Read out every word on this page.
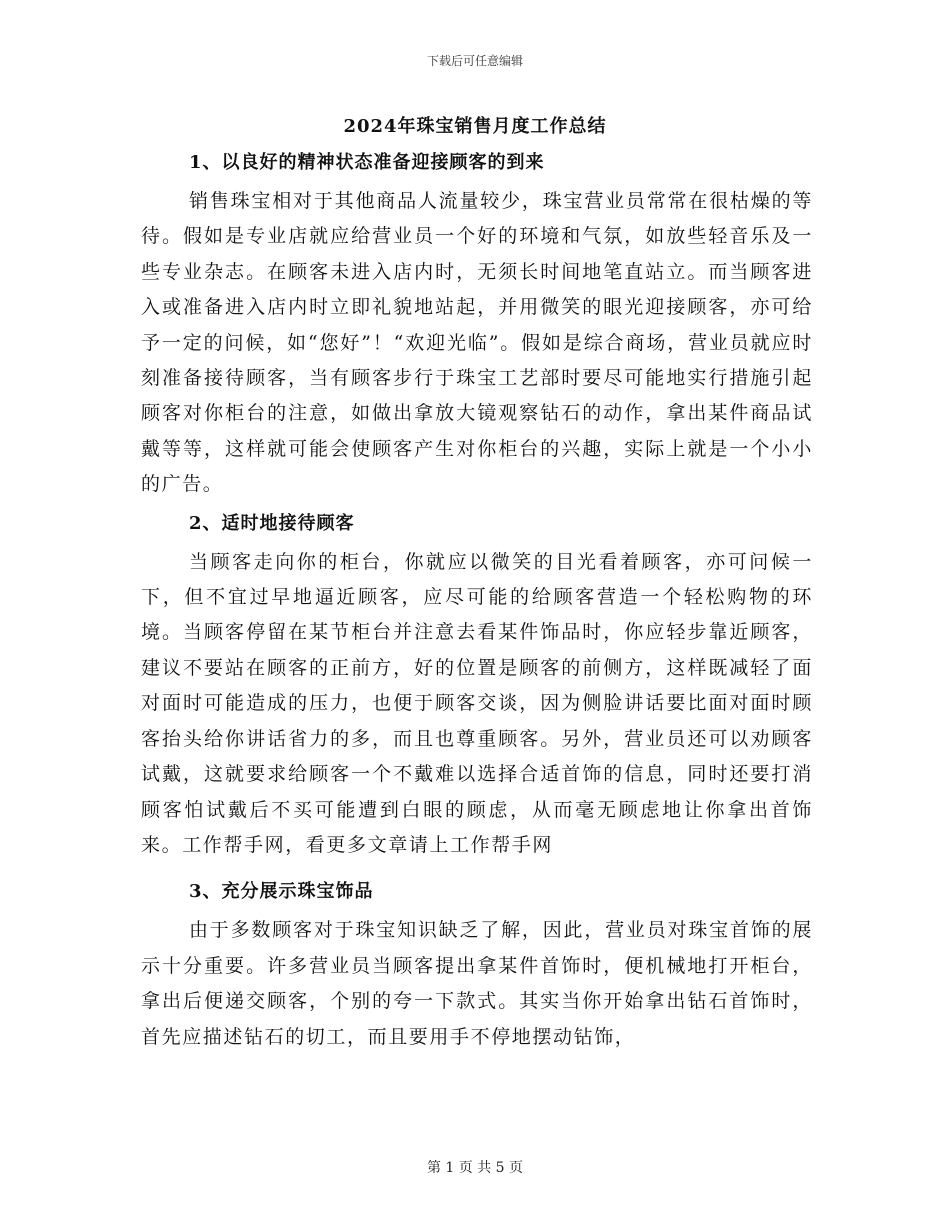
下载后可任意编辑
2024年珠宝销售月度工作总结

1、以良好的精神状态准备迎接顾客的到来

销售珠宝相对于其他商品人流量较少，珠宝营业员常常在很枯燥的等待。假如是专业店就应给营业员一个好的环境和气氛，如放些轻音乐及一些专业杂志。在顾客未进入店内时，无须长时间地笔直站立。而当顾客进入或准备进入店内时立即礼貌地站起，并用微笑的眼光迎接顾客，亦可给予一定的问候，如“您好”！“欢迎光临”。假如是综合商场，营业员就应时刻准备接待顾客，当有顾客步行于珠宝工艺部时要尽可能地实行措施引起顾客对你柜台的注意，如做出拿放大镜观察钻石的动作，拿出某件商品试戴等等，这样就可能会使顾客产生对你柜台的兴趣，实际上就是一个小小的广告。

2、适时地接待顾客

当顾客走向你的柜台，你就应以微笑的目光看着顾客，亦可问候一下，但不宜过早地逼近顾客，应尽可能的给顾客营造一个轻松购物的环境。当顾客停留在某节柜台并注意去看某件饰品时，你应轻步靠近顾客，建议不要站在顾客的正前方，好的位置是顾客的前侧方，这样既减轻了面对面时可能造成的压力，也便于顾客交谈，因为侧脸讲话要比面对面时顾客抬头给你讲话省力的多，而且也尊重顾客。另外，营业员还可以劝顾客试戴，这就要求给顾客一个不戴难以选择合适首饰的信息，同时还要打消顾客怕试戴后不买可能遭到白眼的顾虑，从而毫无顾虑地让你拿出首饰来。工作帮手网，看更多文章请上工作帮手网

3、充分展示珠宝饰品

由于多数顾客对于珠宝知识缺乏了解，因此，营业员对珠宝首饰的展示十分重要。许多营业员当顾客提出拿某件首饰时，便机械地打开柜台，拿出后便递交顾客，个别的夸一下款式。其实当你开始拿出钻石首饰时，首先应描述钻石的切工，而且要用手不停地摆动钻饰，

第 1 页 共 5 页
